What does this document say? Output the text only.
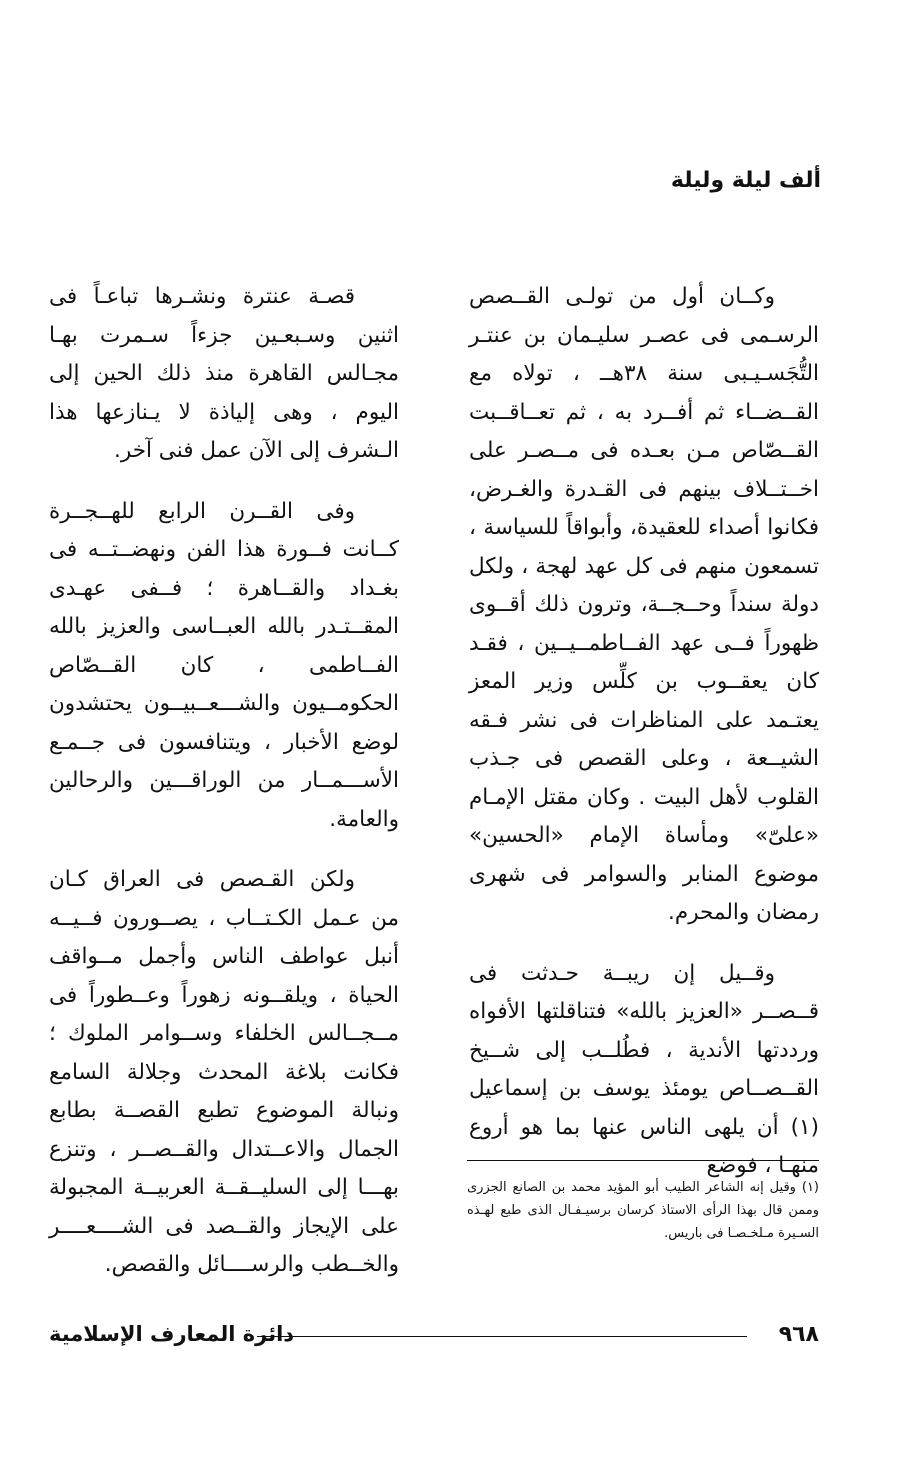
ألف ليلة وليلة

وكــان أول من تولـى القــصص الرسـمى فى عصـر سليـمان بن عنتـر التُّجَسـيـبى سنة ٣٨هــ ، تولاه مع القــضــاء ثم أفــرد به ، ثم تعــاقــبت القــصّاص مـن بعـده فى مــصـر على اخــتــلاف بينهم فى القـدرة والغـرض، فكانوا أصداء للعقيدة، وأبواقاً للسياسة ، تسمعون منهم فى كل عهد لهجة ، ولكل دولة سنداً وحــجــة، وترون ذلك أقــوى ظهوراً فــى عهد الفــاطمــيــين ، فقـد كان يعقــوب بن كلِّس وزير المعز يعتـمد على المناظرات فى نشر فـقه الشيــعة ، وعلى القصص فى جـذب القلوب لأهل البيت . وكان مقتل الإمـام «علىّ» ومأساة الإمام «الحسين» موضوع المنابر والسوامر فى شهرى رمضان والمحرم.

وقــيل إن ريبــة حـدثت فى قــصــر «العزيز بالله» فتناقلتها الأفواه ورددتها الأندية ، فطُلــب إلى شــيخ القــصــاص يومئذ يوسف بن إسماعيل (١) أن يلهى الناس عنها بما هو أروع منهـا ، فوضع

قصـة عنترة ونشـرها تباعـاً فى اثنين وسـبعـين جزءاً سـمرت بهـا مجـالس القاهرة منذ ذلك الحين إلى اليوم ، وهى إلياذة لا يـنازعها هذا الـشرف إلى الآن عمل فنى آخر.

وفى القــرن الرابع للهــجــرة كــانت فــورة هذا الفن ونهضــتــه فى بغـداد والقــاهرة ؛ فــفى عهـدى المقــتـدر بالله العبــاسى والعزيز بالله الفــاطمى ، كان القــصّاص الحكومــيون والشـــعــبيــون يحتشدون لوضع الأخبار ، ويتنافسون فى جــمـع الأســـمــار من الوراقـــين والرحالين والعامة.

ولكن القـصص فى العراق كـان من عـمل الكـتــاب ، يصــورون فــيــه أنبل عواطف الناس وأجمل مــواقف الحياة ، ويلقــونه زهوراً وعــطوراً فى مــجــالس الخلفاء وســوامر الملوك ؛ فكانت بلاغة المحدث وجلالة السامع ونبالة الموضوع تطبع القصــة بطابع الجمال والاعــتدال والقــصــر ، وتنزع بهـــا إلى السليــقــة العربيــة المجبولة على الإيجاز والقــصد فى الشــــعــــر والخــطب والرســــائل والقصص.

(١) وقيل إنه الشاعر الطيب أبو المؤيد محمد بن الصانع الجزرى وممن قال بهذا الرأى الاستاذ كرسان برسيـفـال الذى طبع لهـذه السـيرة مـلخـصـا فى باريس.
٩٦٨
دائرة المعارف الإسلامية
